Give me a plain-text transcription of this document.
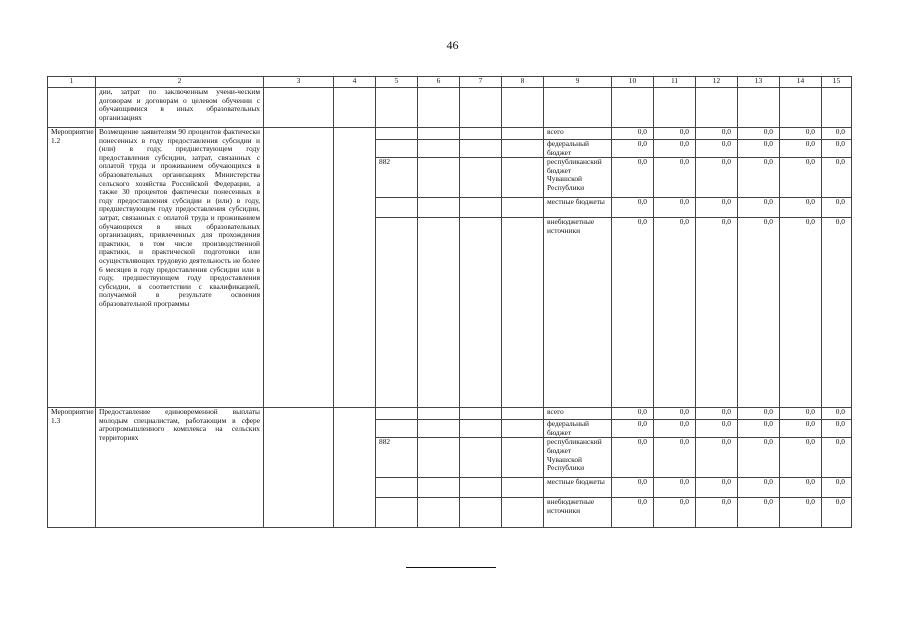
46
1	2	3	4	5	6	7	8	9	10	11	12	13	14	15
	дии, затрат по заключенным учени-ческим договорам и договорам о целевом обучении с обучающимися в иных образовательных организациях													
Мероприятие 1.2	Возмещение заявителям 90 процентов фактически понесенных в году предоставления субсидии и (или) в году, предшествующем году предоставления субсидии, затрат, связанных с оплатой труда и проживанием обучающихся в образовательных организациях Министерства сельского хозяйства Российской Федерации, а также 30 процентов фактически понесенных в году предоставления субсидии и (или) в году, предшествующем году предоставления субсидии, затрат, связанных с оплатой труда и проживанием обучающихся в иных образовательных организациях, привлеченных для прохождения практики, в том числе производственной практики, и практической подготовки или осуществляющих трудовую деятельность не более 6 месяцев в году предоставления субсидии или в году, предшествующем году предоставления субсидии, в соответствии с квалификацией, получаемой в результате освоения образовательной программы							всего	0,0	0,0	0,0	0,0	0,0	0,0
								федеральный бюджет	0,0	0,0	0,0	0,0	0,0	0,0
				882				республиканский бюджет Чувашской Республики	0,0	0,0	0,0	0,0	0,0	0,0
								местные бюджеты	0,0	0,0	0,0	0,0	0,0	0,0
								внебюджетные источники	0,0	0,0	0,0	0,0	0,0	0,0
Мероприятие 1.3	Предоставление единовременной выплаты молодым специалистам, работающим в сфере агропромышленного комплекса на сельских территориях							всего	0,0	0,0	0,0	0,0	0,0	0,0
								федеральный бюджет	0,0	0,0	0,0	0,0	0,0	0,0
				882				республиканский бюджет Чувашской Республики	0,0	0,0	0,0	0,0	0,0	0,0
								местные бюджеты	0,0	0,0	0,0	0,0	0,0	0,0
								внебюджетные источники	0,0	0,0	0,0	0,0	0,0	0,0
